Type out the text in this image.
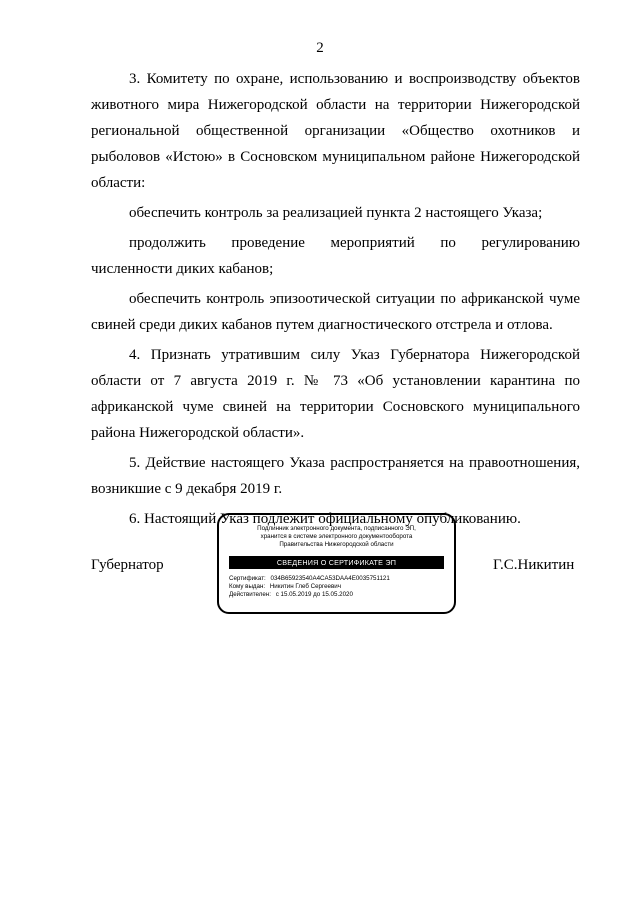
2
3. Комитету по охране, использованию и воспроизводству объектов
животного мира Нижегородской области на территории Нижегородской
региональной общественной организации «Общество охотников и
рыболовов «Истою» в Сосновском муниципальном районе Нижегородской
области:
обеспечить контроль за реализацией пункта 2 настоящего Указа;
продолжить проведение мероприятий по регулированию
численности диких кабанов;
обеспечить контроль эпизоотической ситуации по африканской чуме
свиней среди диких кабанов путем диагностического отстрела и отлова.
4. Признать утратившим силу Указ Губернатора Нижегородской
области от 7 августа 2019 г. № 73 «Об установлении карантина по
африканской чуме свиней на территории Сосновского муниципального
района Нижегородской области».
5. Действие настоящего Указа распространяется на правоотношения,
возникшие с 9 декабря 2019 г.
6. Настоящий Указ подлежит официальному опубликованию.
Губернатор
Подлинник электронного документа, подписанного ЭП,
хранится в системе электронного документооборота
Правительства Нижегородской области
СВЕДЕНИЯ О СЕРТИФИКАТЕ ЭП
Сертификат: 034B65923540A4CA53DAA4E0035751121
Кому выдан: Никитин Глеб Сергеевич
Действителен: с 15.05.2019 до 15.05.2020
Г.С.Никитин
